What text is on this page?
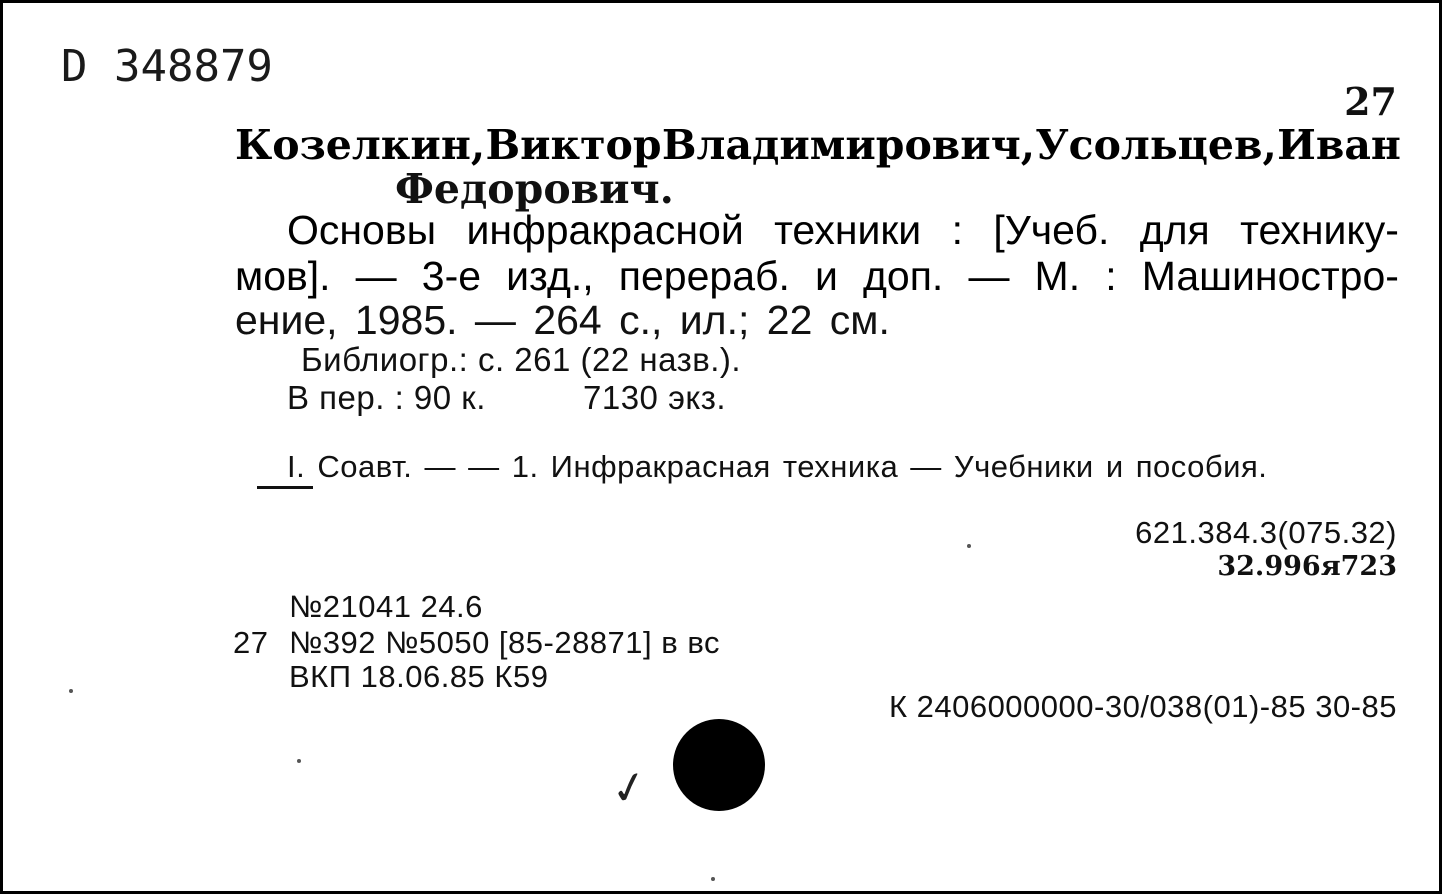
D 348879
27
Козелкин, Виктор Владимирович, Усольцев, Иван
Федорович.
Основы инфракрасной техники : [Учеб. для технику-
мов]. — 3-е изд., перераб. и доп. — М. : Машиностро-
ение, 1985. — 264 с., ил.; 22 см.
Библиогр.: с. 261 (22 назв.).
В пер. : 90 к.	7130 экз.
I. Соавт. — — 1. Инфракрасная техника — Учебники и пособия.
621.384.3(075.32)
32.996я723
№21041 24.6
27 №392 №5050 [85-28871] в вс
ВКП 18.06.85 К59
К 2406000000-30/038(01)-85 30-85
✓
